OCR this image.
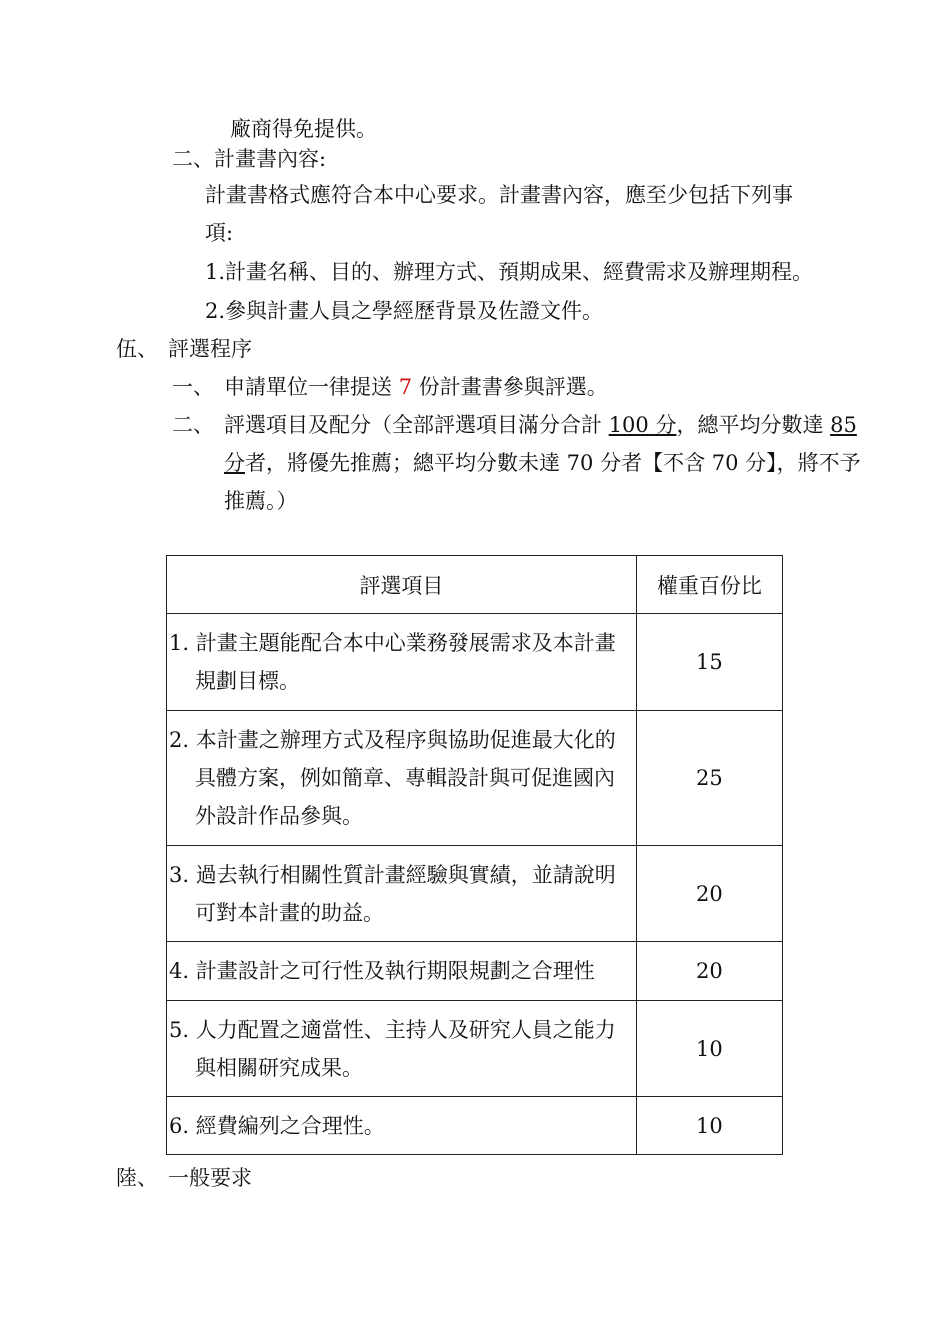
廠商得免提供。
二、計畫書內容:
計畫書格式應符合本中心要求。計畫書內容，應至少包括下列事
項:
1.計畫名稱、目的、辦理方式、預期成果、經費需求及辦理期程。
2.參與計畫人員之學經歷背景及佐證文件。
伍、 評選程序
一、 申請單位一律提送 7 份計畫書參與評選。
二、 評選項目及配分（全部評選項目滿分合計 100 分，總平均分數達 85
分者，將優先推薦；總平均分數未達 70 分者【不含 70 分】，將不予
推薦。）
評選項目	權重百份比

1. 計畫主題能配合本中心業務發展需求及本計畫規劃目標。	15

2. 本計畫之辦理方式及程序與協助促進最大化的具體方案，例如簡章、專輯設計與可促進國內外設計作品參與。	25

3. 過去執行相關性質計畫經驗與實績，並請說明可對本計畫的助益。	20

4. 計畫設計之可行性及執行期限規劃之合理性	20

5. 人力配置之適當性、主持人及研究人員之能力與相關研究成果。	10

6. 經費編列之合理性。	10
陸、 一般要求
